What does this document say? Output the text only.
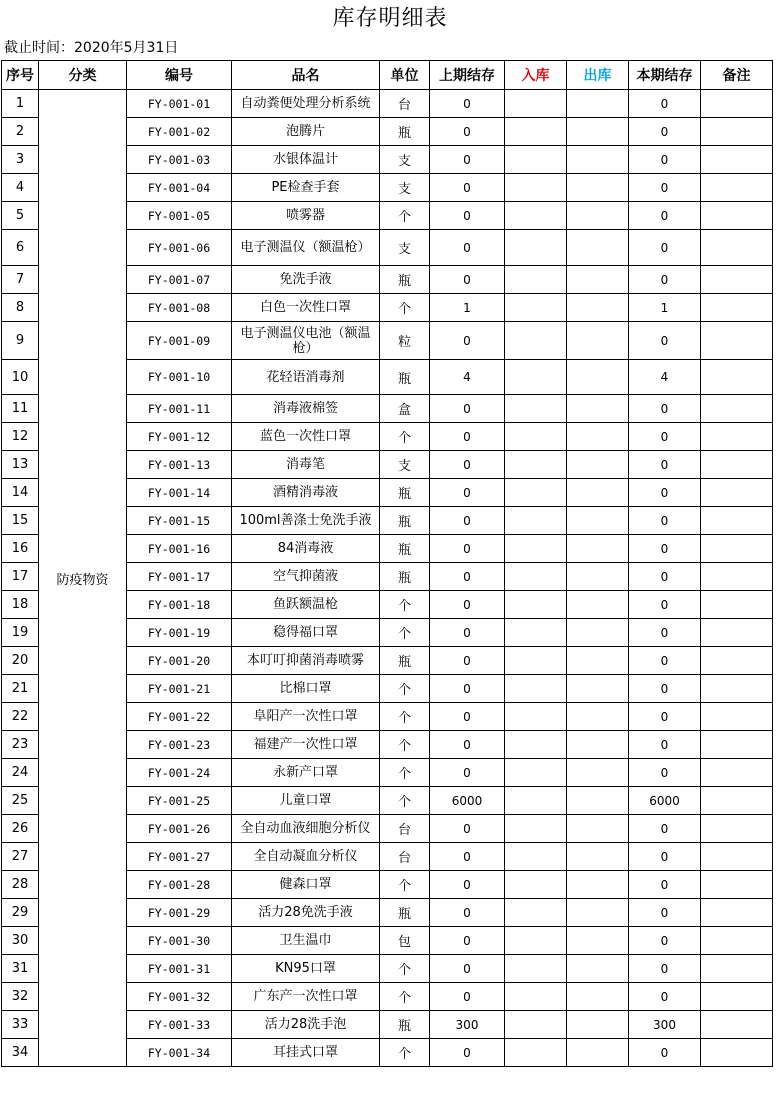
库存明细表
截止时间：2020年5月31日
序号	分类	编号	品名	单位	上期结存	入库	出库	本期结存	备注
1	防疫物资	FY-001-01	自动粪便处理分析系统	台	0			0	
2		FY-001-02	泡腾片	瓶	0			0	
3		FY-001-03	水银体温计	支	0			0	
4		FY-001-04	PE检查手套	支	0			0	
5		FY-001-05	喷雾器	个	0			0	
6		FY-001-06	电子测温仪（额温枪）	支	0			0	
7		FY-001-07	免洗手液	瓶	0			0	
8		FY-001-08	白色一次性口罩	个	1			1	
9		FY-001-09	电子测温仪电池（额温枪）	粒	0			0	
10		FY-001-10	花轻语消毒剂	瓶	4			4	
11		FY-001-11	消毒液棉签	盒	0			0	
12		FY-001-12	蓝色一次性口罩	个	0			0	
13		FY-001-13	消毒笔	支	0			0	
14		FY-001-14	酒精消毒液	瓶	0			0	
15		FY-001-15	100ml善涤士免洗手液	瓶	0			0	
16		FY-001-16	84消毒液	瓶	0			0	
17		FY-001-17	空气抑菌液	瓶	0			0	
18		FY-001-18	鱼跃额温枪	个	0			0	
19		FY-001-19	稳得福口罩	个	0			0	
20		FY-001-20	本叮叮抑菌消毒喷雾	瓶	0			0	
21		FY-001-21	比棉口罩	个	0			0	
22		FY-001-22	阜阳产一次性口罩	个	0			0	
23		FY-001-23	福建产一次性口罩	个	0			0	
24		FY-001-24	永新产口罩	个	0			0	
25		FY-001-25	儿童口罩	个	6000			6000	
26		FY-001-26	全自动血液细胞分析仪	台	0			0	
27		FY-001-27	全自动凝血分析仪	台	0			0	
28		FY-001-28	健森口罩	个	0			0	
29		FY-001-29	活力28免洗手液	瓶	0			0	
30		FY-001-30	卫生温巾	包	0			0	
31		FY-001-31	KN95口罩	个	0			0	
32		FY-001-32	广东产一次性口罩	个	0			0	
33		FY-001-33	活力28洗手泡	瓶	300			300	
34		FY-001-34	耳挂式口罩	个	0			0	
